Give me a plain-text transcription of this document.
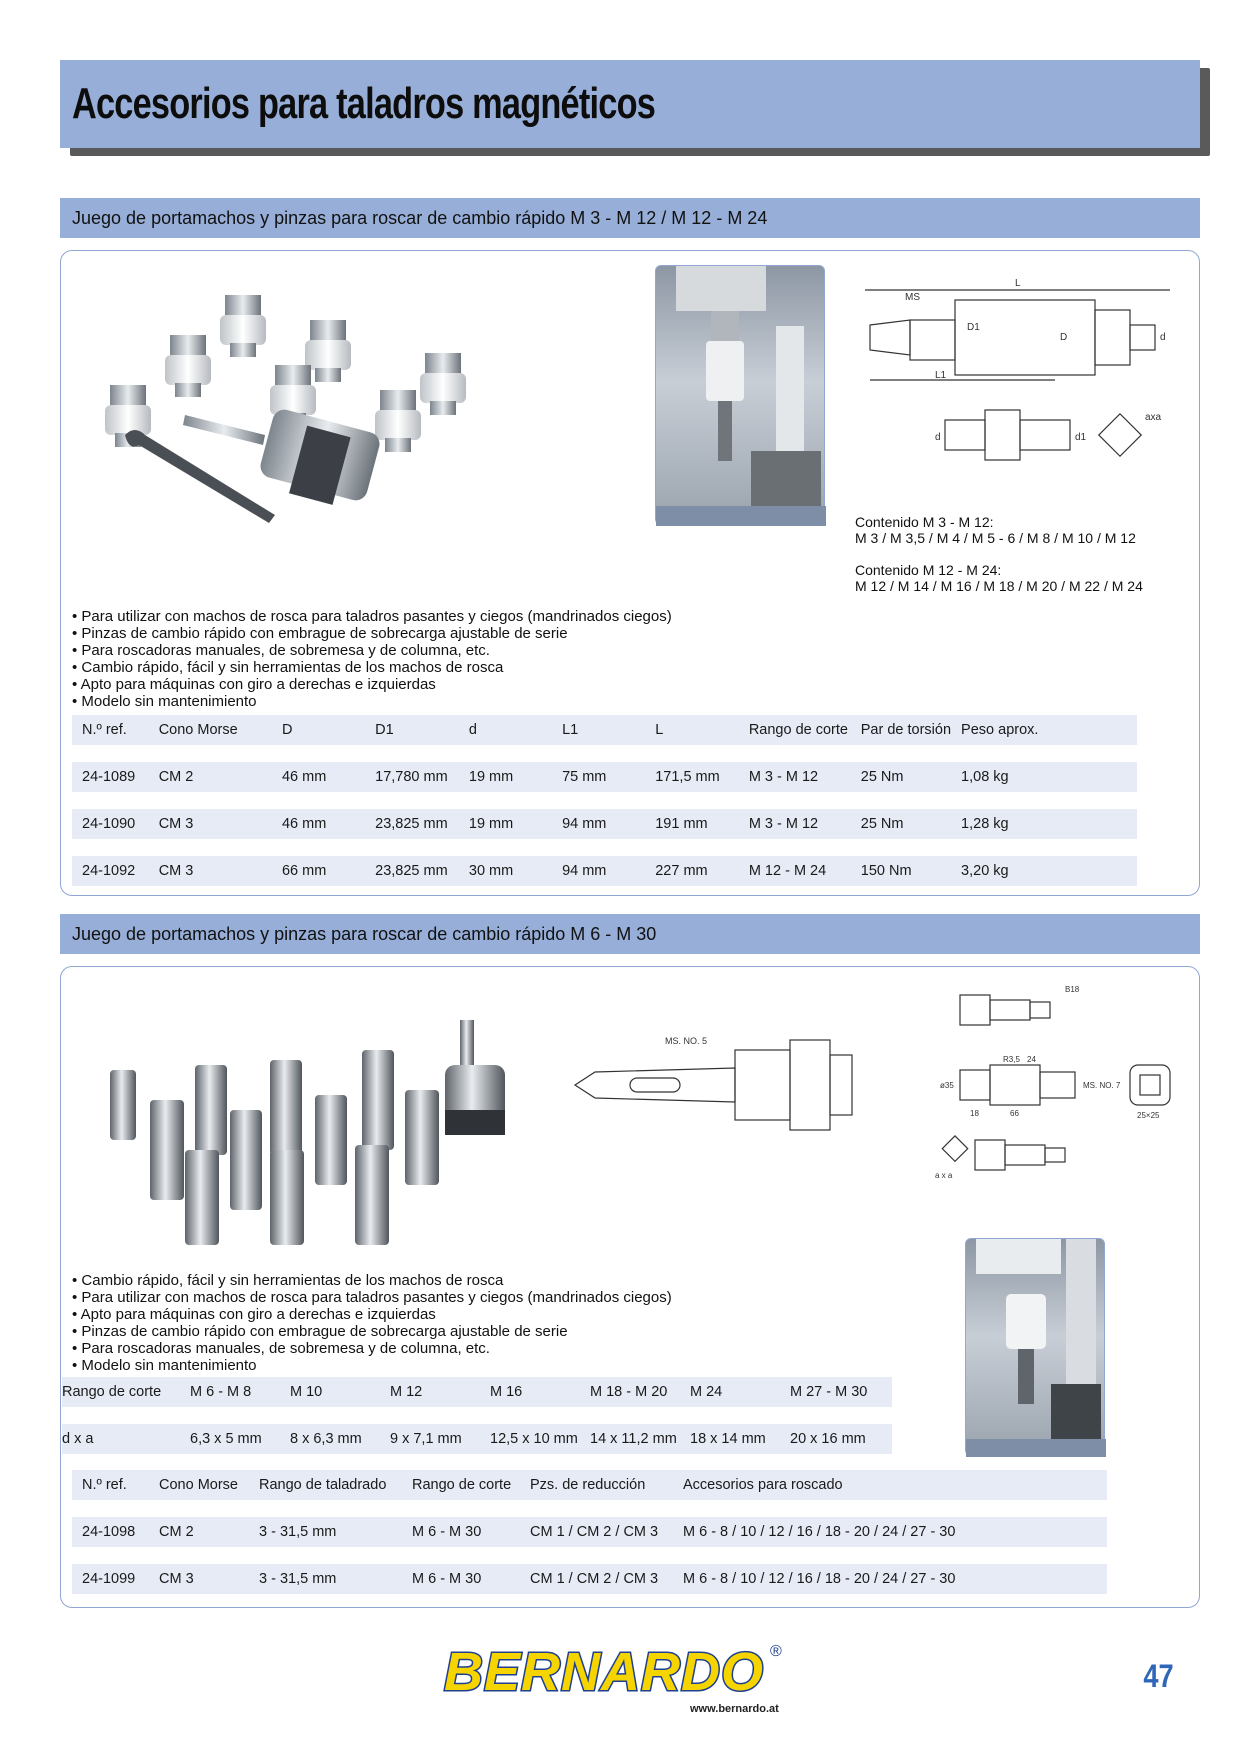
Accesorios para taladros magnéticos
Juego de portamachos y pinzas para roscar de cambio rápido M 3 - M 12 / M 12 - M 24
L
MS
L1
D1
D	d
d	d1
axa

Contenido M 3 - M 12:

M 3 / M 3,5 / M 4 / M 5 - 6 / M 8 / M 10 / M 12

Contenido M 12 - M 24:

M 12 / M 14 / M 16 / M 18 / M 20 / M 22 / M 24

• Para utilizar con machos de rosca para taladros pasantes y ciegos (mandrinados ciegos)
• Pinzas de cambio rápido con embrague de sobrecarga ajustable de serie
• Para roscadoras manuales, de sobremesa y de columna, etc.
• Cambio rápido, fácil y sin herramientas de los machos de rosca
• Apto para máquinas con giro a derechas e izquierdas
• Modelo sin mantenimiento
N.º ref.	Cono Morse	D	D1	d	L1	L	Rango de corte	Par de torsión	Peso aprox.

24-1089	CM 2	46 mm	17,780 mm	19 mm	75 mm	171,5 mm	M 3 - M 12	25 Nm	1,08 kg

24-1090	CM 3	46 mm	23,825 mm	19 mm	94 mm	191 mm	M 3 - M 12	25 Nm	1,28 kg

24-1092	CM 3	66 mm	23,825 mm	30 mm	94 mm	227 mm	M 12 - M 24	150 Nm	3,20 kg
Juego de portamachos y pinzas para roscar de cambio rápido M 6 - M 30
MS. NO. 5
B18
R3,5 24
ø35	MS. NO. 7
18	66	25×25
a x a
• Cambio rápido, fácil y sin herramientas de los machos de rosca
• Para utilizar con machos de rosca para taladros pasantes y ciegos (mandrinados ciegos)
• Apto para máquinas con giro a derechas e izquierdas
• Pinzas de cambio rápido con embrague de sobrecarga ajustable de serie
• Para roscadoras manuales, de sobremesa y de columna, etc.
• Modelo sin mantenimiento
Rango de corte	M 6 - M 8	M 10	M 12	M 16	M 18 - M 20	M 24	M 27 - M 30

d x a	6,3 x 5 mm	8 x 6,3 mm	9 x 7,1 mm	12,5 x 10 mm	14 x 11,2 mm	18 x 14 mm	20 x 16 mm
N.º ref.	Cono Morse	Rango de taladrado	Rango de corte	Pzs. de reducción	Accesorios para roscado

24-1098	CM 2	3 - 31,5 mm	M 6 - M 30	CM 1 / CM 2 / CM 3	M 6 - 8 / 10 / 12 / 16 / 18 - 20 / 24 / 27 - 30

24-1099	CM 3	3 - 31,5 mm	M 6 - M 30	CM 1 / CM 2 / CM 3	M 6 - 8 / 10 / 12 / 16 / 18 - 20 / 24 / 27 - 30
BERNARDO ®
www.bernardo.at
47
